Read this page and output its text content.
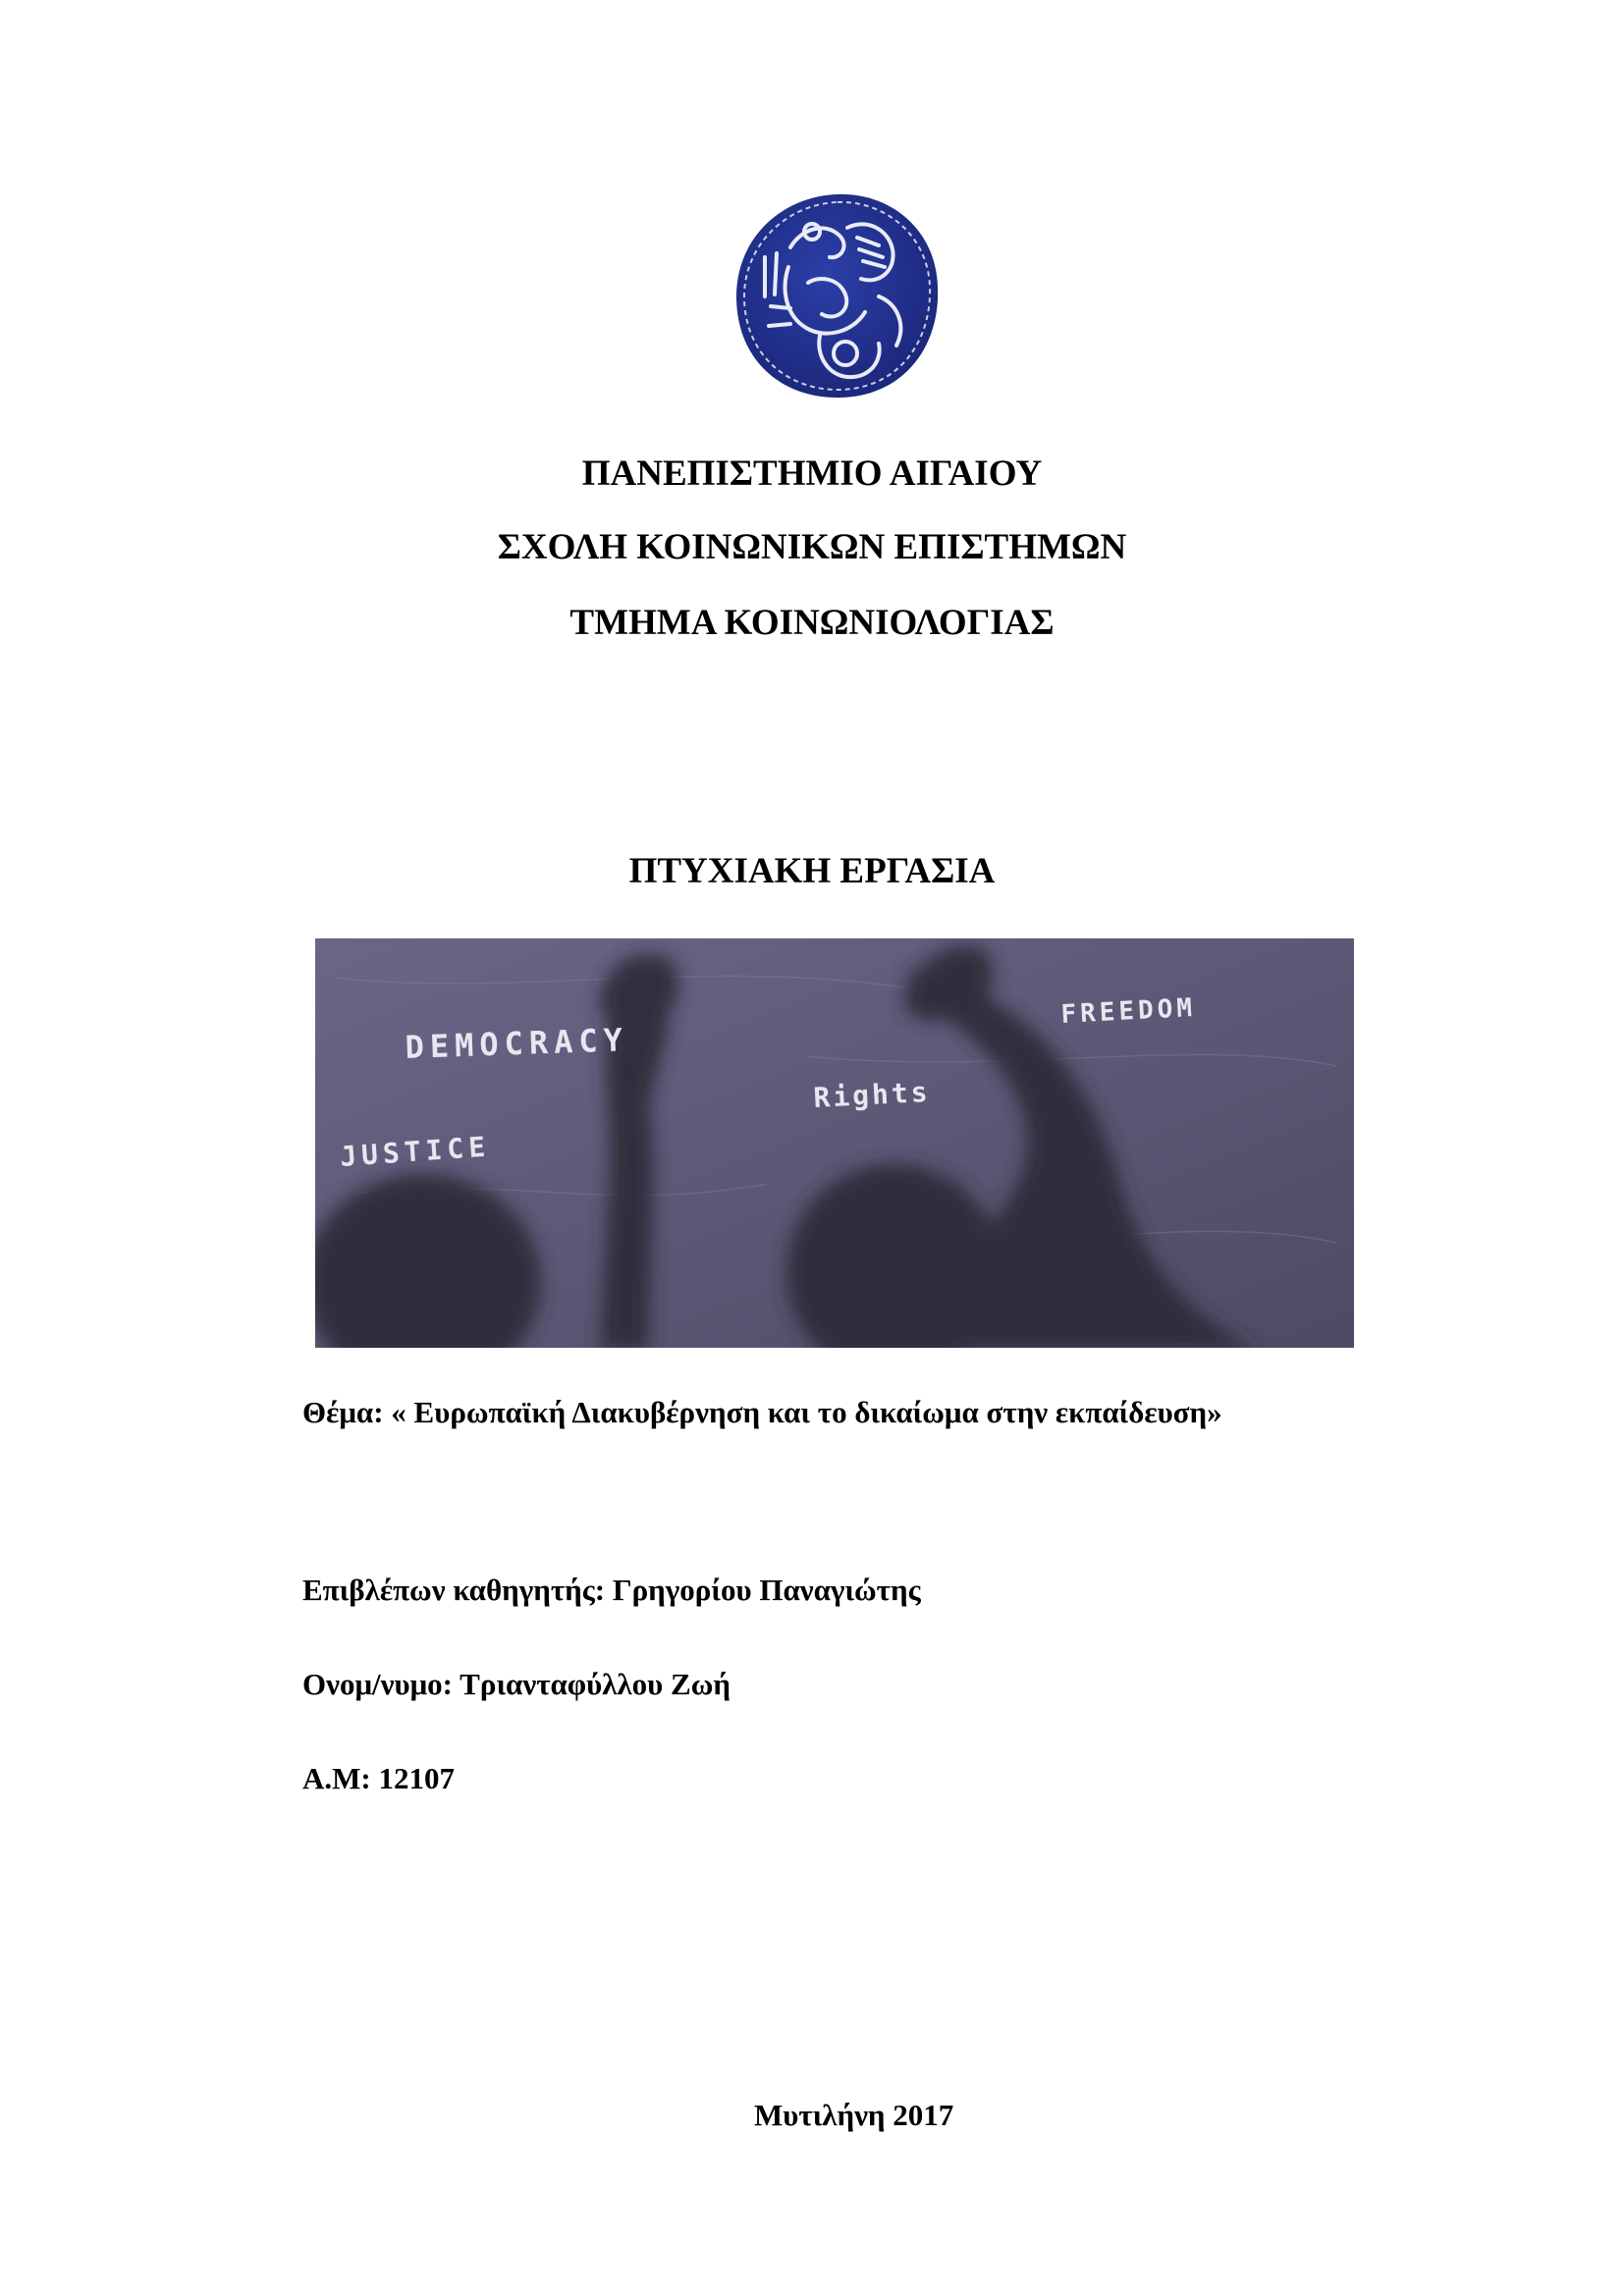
ΠΑΝΕΠΙΣΤΗΜΙΟ ΑΙΓΑΙΟΥ
ΣΧΟΛΗ ΚΟΙΝΩΝΙΚΩΝ ΕΠΙΣΤΗΜΩΝ
ΤΜΗΜΑ ΚΟΙΝΩΝΙΟΛΟΓΙΑΣ
ΠΤΥΧΙΑΚΗ ΕΡΓΑΣΙΑ
DEMOCRACY
JUSTICE
Rights
FREEDOM
Θέμα: « Ευρωπαϊκή Διακυβέρνηση και το δικαίωμα στην εκπαίδευση»
Επιβλέπων καθηγητής: Γρηγορίου Παναγιώτης
Ονομ/νυμο: Τριανταφύλλου Ζωή
Α.Μ: 12107
Μυτιλήνη 2017
